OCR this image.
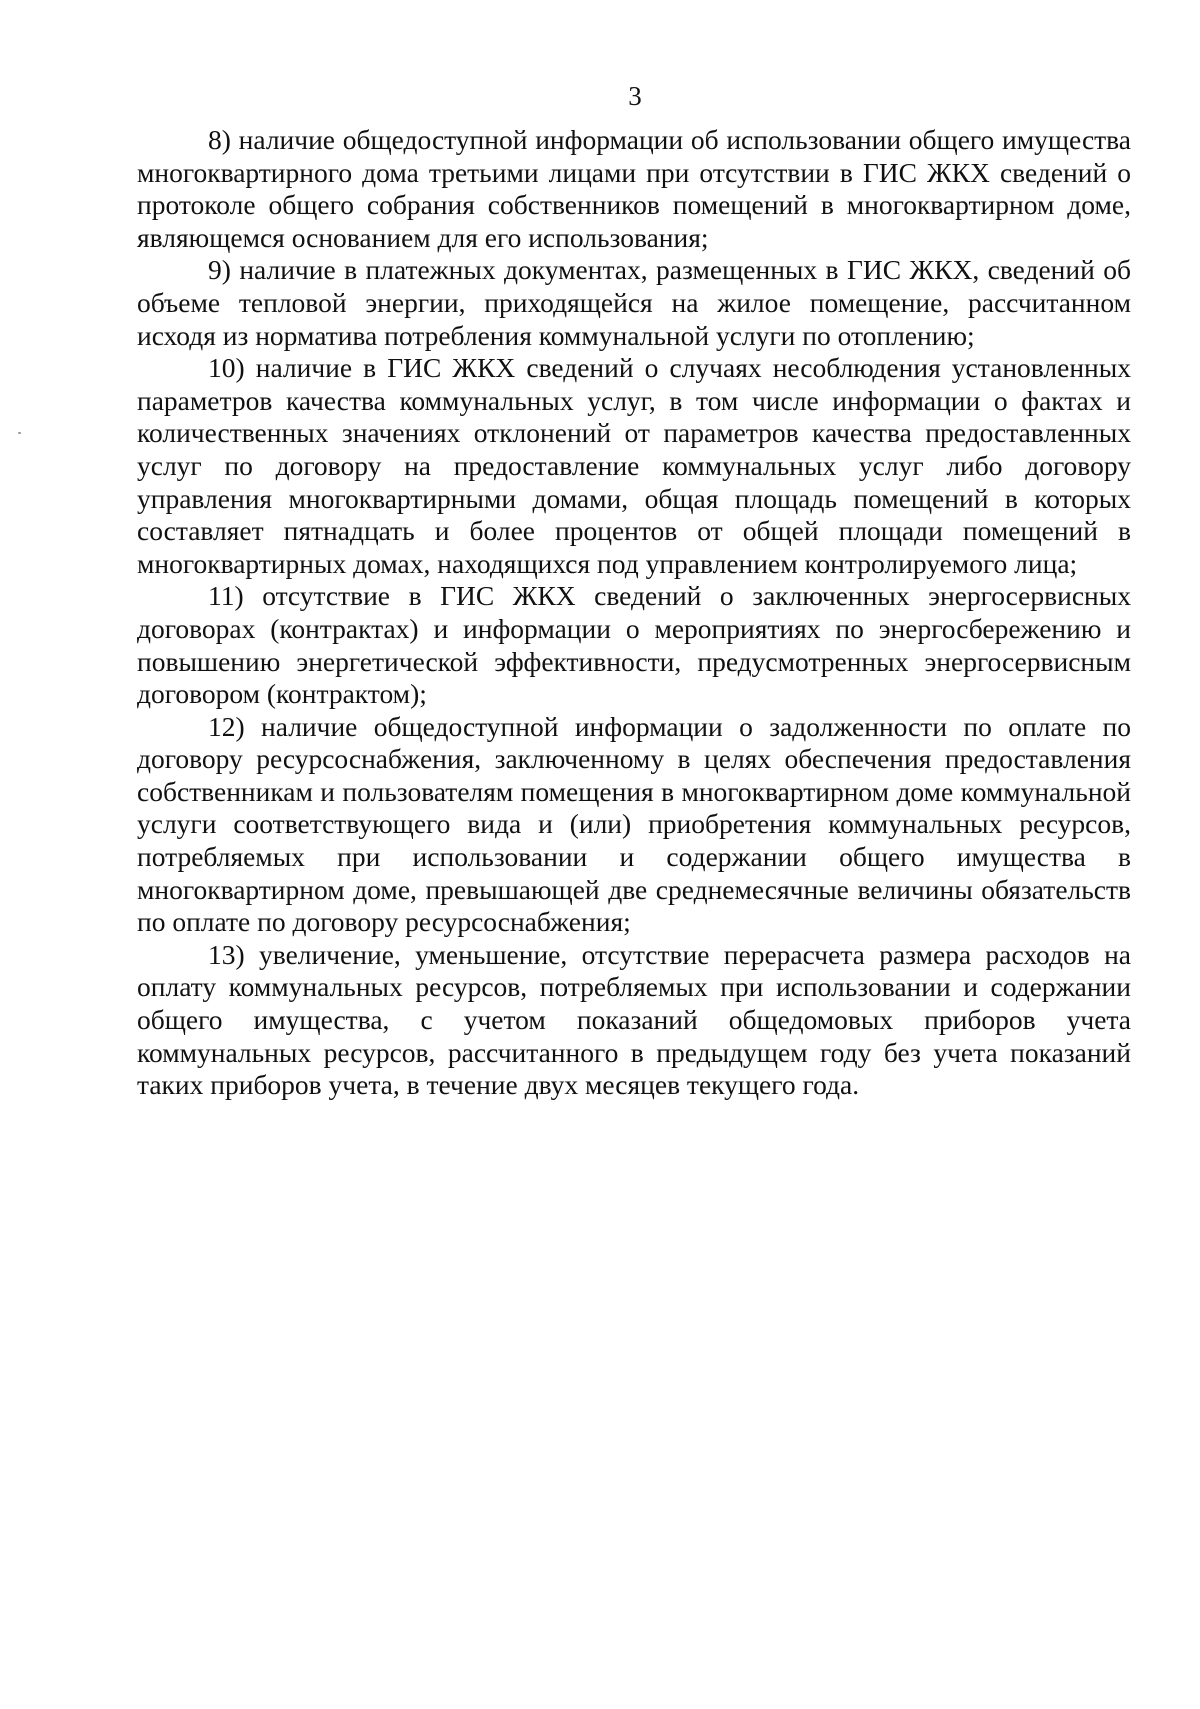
3

8) наличие общедоступной информации об использовании общего имущества многоквартирного дома третьими лицами при отсутствии в ГИС ЖКХ сведений о протоколе общего собрания собственников помещений в многоквартирном доме, являющемся основанием для его использования;

9) наличие в платежных документах, размещенных в ГИС ЖКХ, сведений об объеме тепловой энергии, приходящейся на жилое помещение, рассчитанном исходя из норматива потребления коммунальной услуги по отоплению;

10) наличие в ГИС ЖКХ сведений о случаях несоблюдения установленных параметров качества коммунальных услуг, в том числе информации о фактах и количественных значениях отклонений от параметров качества предоставленных услуг по договору на предоставление коммунальных услуг либо договору управления многоквартирными домами, общая площадь помещений в которых составляет пятнадцать и более процентов от общей площади помещений в многоквартирных домах, находящихся под управлением контролируемого лица;

11) отсутствие в ГИС ЖКХ сведений о заключенных энергосервисных договорах (контрактах) и информации о мероприятиях по энергосбережению и повышению энергетической эффективности, предусмотренных энергосервисным договором (контрактом);

12) наличие общедоступной информации о задолженности по оплате по договору ресурсоснабжения, заключенному в целях обеспечения предоставления собственникам и пользователям помещения в многоквартирном доме коммунальной услуги соответствующего вида и (или) приобретения коммунальных ресурсов, потребляемых при использовании и содержании общего имущества в многоквартирном доме, превышающей две среднемесячные величины обязательств по оплате по договору ресурсоснабжения;

13) увеличение, уменьшение, отсутствие перерасчета размера расходов на оплату коммунальных ресурсов, потребляемых при использовании и содержании общего имущества, с учетом показаний общедомовых приборов учета коммунальных ресурсов, рассчитанного в предыдущем году без учета показаний таких приборов учета, в течение двух месяцев текущего года.
